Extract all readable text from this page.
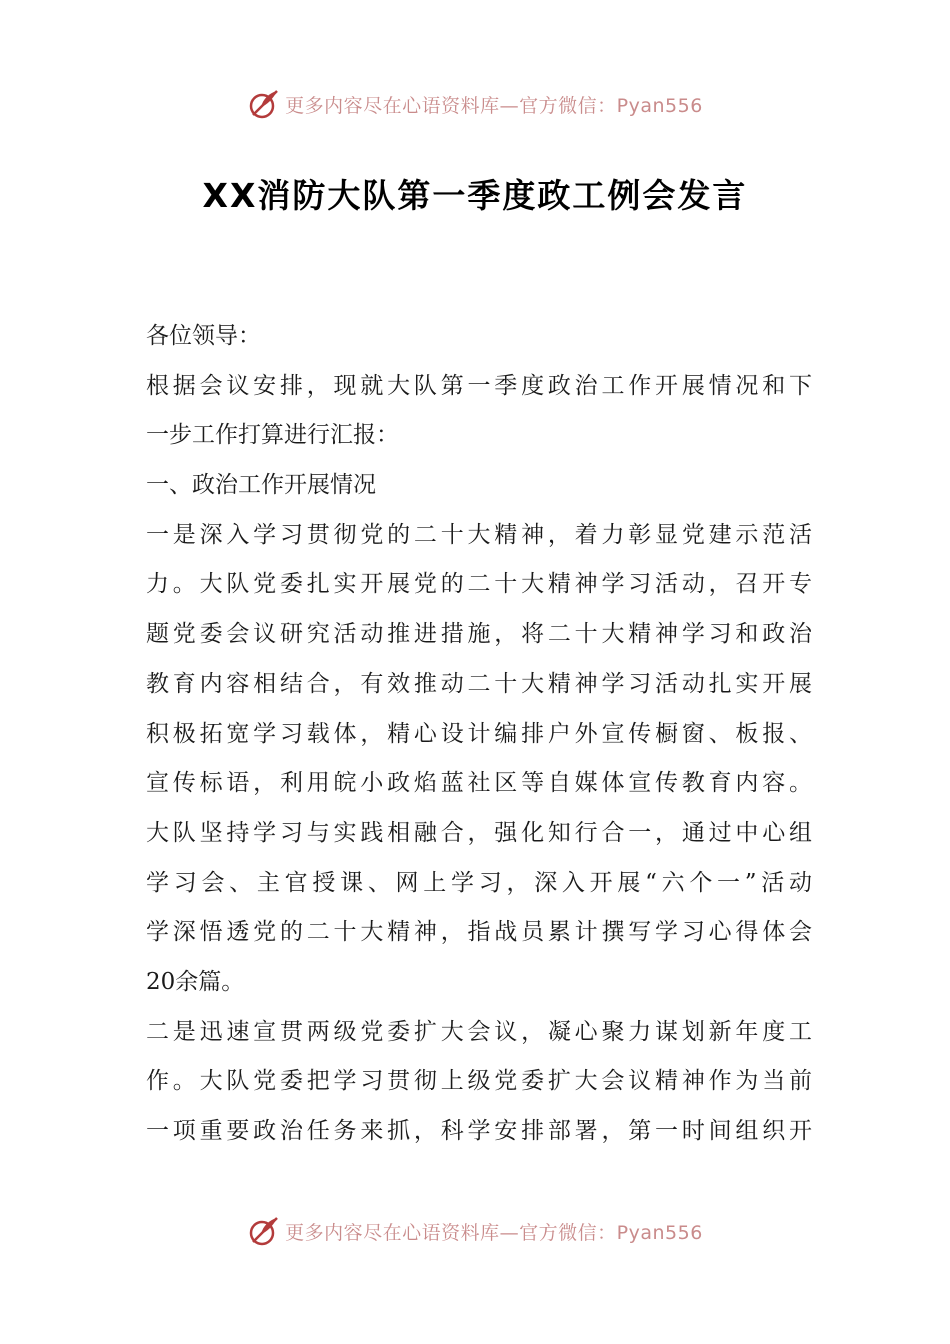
更多内容尽在心语资料库—官方微信：Pyan556
XX消防大队第一季度政工例会发言
各位领导：
根据会议安排，现就大队第一季度政治工作开展情况和下
一步工作打算进行汇报：
一、政治工作开展情况
一是深入学习贯彻党的二十大精神，着力彰显党建示范活
力。大队党委扎实开展党的二十大精神学习活动，召开专
题党委会议研究活动推进措施，将二十大精神学习和政治
教育内容相结合，有效推动二十大精神学习活动扎实开展
积极拓宽学习载体，精心设计编排户外宣传橱窗、板报、
宣传标语，利用皖小政焰蓝社区等自媒体宣传教育内容。
大队坚持学习与实践相融合，强化知行合一，通过中心组
学习会、主官授课、网上学习，深入开展“六个一”活动
学深悟透党的二十大精神，指战员累计撰写学习心得体会
20余篇。
二是迅速宣贯两级党委扩大会议，凝心聚力谋划新年度工
作。大队党委把学习贯彻上级党委扩大会议精神作为当前
一项重要政治任务来抓，科学安排部署，第一时间组织开
更多内容尽在心语资料库—官方微信：Pyan556
